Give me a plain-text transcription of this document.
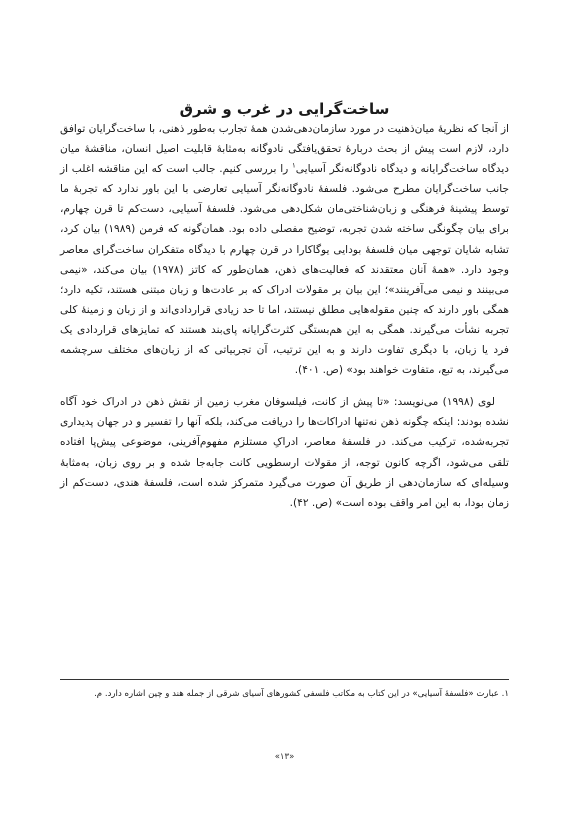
ساخت‌گرایی در غرب و شرق

از آنجا که نظریهٔ میان‌ذهنیت در مورد سازمان‌دهی‌شدن همهٔ تجارب به‌طور ذهنی، با ساخت‌گرایان توافق دارد، لازم است پیش از بحث دربارهٔ تحقق‌یافتگی نادوگانه به‌مثابهٔ قابلیت اصیل انسان، مناقشهٔ میان دیدگاه ساخت‌گرایانه و دیدگاه نادوگانه‌نگر آسیایی$^۱$ را بررسی کنیم. جالب است که این مناقشه اغلب از جانب ساخت‌گرایان مطرح می‌شود. فلسفهٔ نادوگانه‌نگر آسیایی تعارضی با این باور ندارد که تجربهٔ ما توسط پیشینهٔ فرهنگی و زبان‌شناختی‌مان شکل‌دهی می‌شود. فلسفهٔ آسیایی، دست‌کم تا قرن چهارم، برای بیان چگونگی ساخته شدن تجربه، توضیح مفصلی داده بود. همان‌گونه که فرمن (۱۹۸۹) بیان کرد، تشابه شایان توجهی میان فلسفهٔ بودایی یوگاکارا در قرن چهارم با دیدگاه متفکران ساخت‌گرای معاصر وجود دارد. «همهٔ آنان معتقدند که فعالیت‌های ذهن، همان‌طور که کاتز (۱۹۷۸) بیان می‌کند، «نیمی می‌بینند و نیمی می‌آفرینند»؛ این بیان بر مقولات ادراک که بر عادت‌ها و زبان مبتنی هستند، تکیه دارد؛ همگی باور دارند که چنین مقوله‌هایی مطلق نیستند، اما تا حد زیادی قراردادی‌اند و از زبان و زمینهٔ کلی تجربه نشأت می‌گیرند. همگی به این هم‌بستگی کثرت‌گرایانه پای‌بند هستند که تمایزهای قراردادی یک فرد یا زبان، با دیگری تفاوت دارند و به این ترتیب، آن تجربیاتی که از زبان‌های مختلف سرچشمه می‌گیرند، به تبع، متفاوت خواهند بود» (ص. ۴۰۱).

لوی (۱۹۹۸) می‌نویسد: «تا پیش از کانت، فیلسوفان مغرب زمین از نقش ذهن در ادراک خود آگاه نشده بودند: اینکه چگونه ذهن نه‌تنها ادراکات‌ها را دریافت می‌کند، بلکه آنها را تفسیر و در جهان پدیداری تجربه‌شده، ترکیب می‌کند. در فلسفهٔ معاصر، ادراکِ مستلزم مفهوم‌آفرینی، موضوعی پیش‌پا افتاده تلقی می‌شود، اگرچه کانون توجه، از مقولات ارسطویی کانت جابه‌جا شده و بر روی زبان، به‌مثابهٔ وسیله‌ای که سازمان‌دهی از طریق آن صورت می‌گیرد متمرکز شده است، فلسفهٔ هندی، دست‌کم از زمان بودا، به این امر واقف بوده است» (ص. ۴۲).

۱. عبارت «فلسفهٔ آسیایی» در این کتاب به مکاتب فلسفی کشورهای آسیای شرقی از جمله هند و چین اشاره دارد. م.
«۱۳»
